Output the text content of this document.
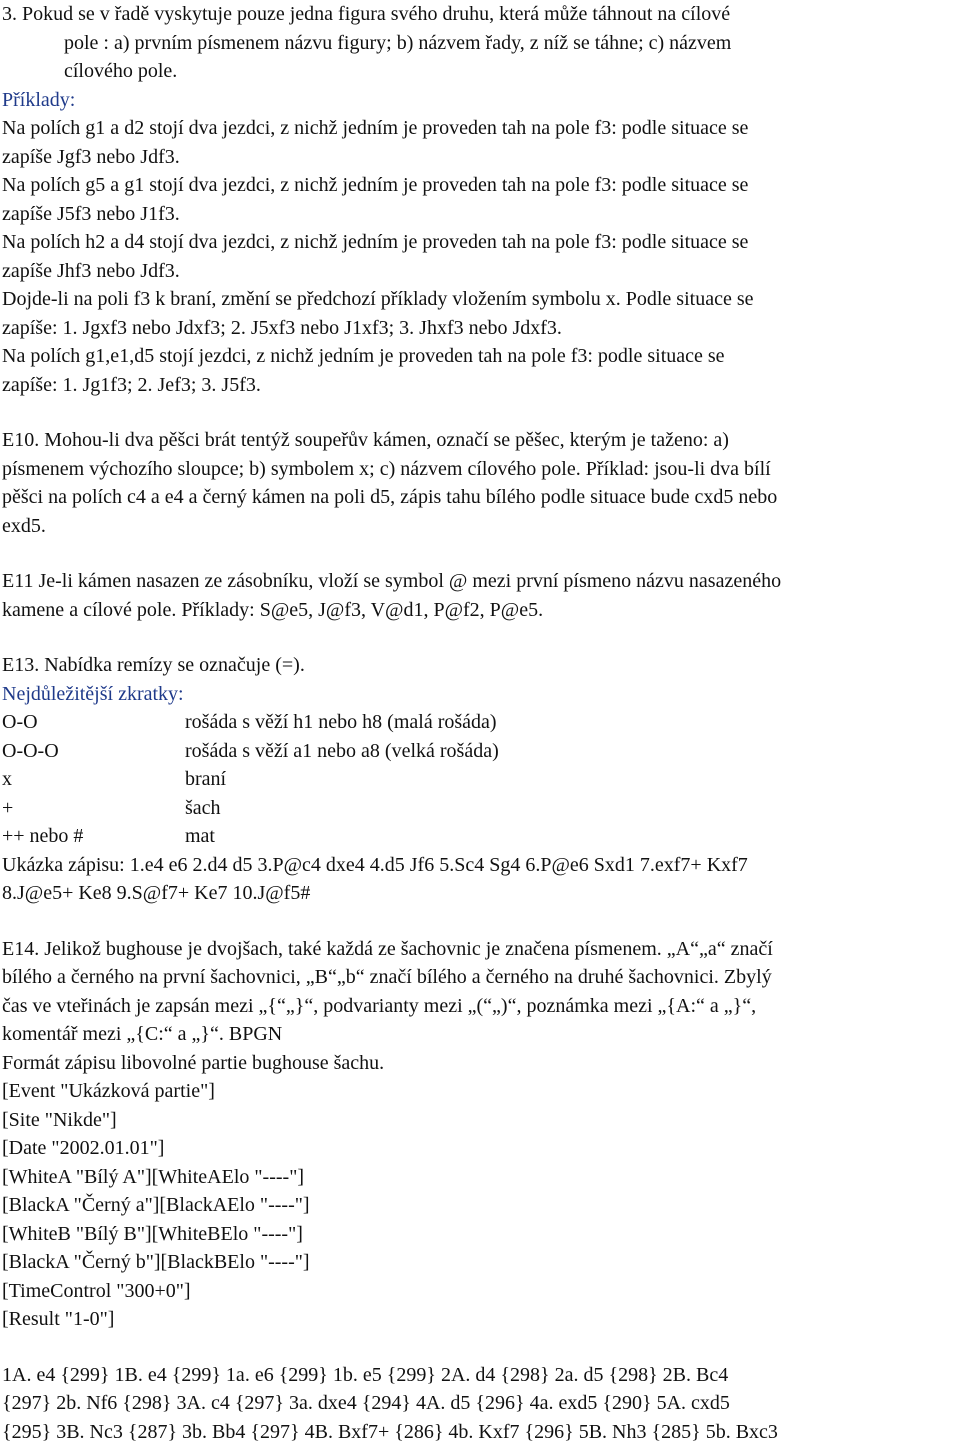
3. Pokud se v řadě vyskytuje pouze jedna figura svého druhu, která může táhnout na cílové
pole : a) prvním písmenem názvu figury; b) názvem řady, z níž se táhne; c) názvem
cílového pole.
Příklady:
Na polích g1 a d2 stojí dva jezdci, z nichž jedním je proveden tah na pole f3: podle situace se
zapíše Jgf3 nebo Jdf3.
Na polích g5 a g1 stojí dva jezdci, z nichž jedním je proveden tah na pole f3: podle situace se
zapíše J5f3 nebo J1f3.
Na polích h2 a d4 stojí dva jezdci, z nichž jedním je proveden tah na pole f3: podle situace se
zapíše Jhf3 nebo Jdf3.
Dojde-li na poli f3 k braní, změní se předchozí příklady vložením symbolu x. Podle situace se
zapíše: 1. Jgxf3 nebo Jdxf3; 2. J5xf3 nebo J1xf3; 3. Jhxf3 nebo Jdxf3.
Na polích g1,e1,d5 stojí jezdci, z nichž jedním je proveden tah na pole f3: podle situace se
zapíše: 1. Jg1f3; 2. Jef3; 3. J5f3.
E10. Mohou-li dva pěšci brát tentýž soupeřův kámen, označí se pěšec, kterým je taženo: a)
písmenem výchozího sloupce; b) symbolem x; c) názvem cílového pole. Příklad: jsou-li dva bílí
pěšci na polích c4 a e4 a černý kámen na poli d5, zápis tahu bílého podle situace bude cxd5 nebo
exd5.
E11 Je-li kámen nasazen ze zásobníku, vloží se symbol @ mezi první písmeno názvu nasazeného
kamene a cílové pole. Příklady: S@e5, J@f3, V@d1, P@f2, P@e5.
E13. Nabídka remízy se označuje (=).
Nejdůležitější zkratky:
O-O	rošáda s věží h1 nebo h8 (malá rošáda)
O-O-O	rošáda s věží a1 nebo a8 (velká rošáda)
x	braní
+	šach
++ nebo #	mat
Ukázka zápisu: 1.e4 e6 2.d4 d5 3.P@c4 dxe4 4.d5 Jf6 5.Sc4 Sg4 6.P@e6 Sxd1 7.exf7+ Kxf7
8.J@e5+ Ke8 9.S@f7+ Ke7 10.J@f5#
E14. Jelikož bughouse je dvojšach, také každá ze šachovnic je značena písmenem. „A“„a“ značí
bílého a černého na první šachovnici, „B“„b“ značí bílého a černého na druhé šachovnici. Zbylý
čas ve vteřinách je zapsán mezi „{“„}“, podvarianty mezi „(“„)“, poznámka mezi „{A:“ a „}“,
komentář mezi „{C:“ a „}“. BPGN
Formát zápisu libovolné partie bughouse šachu.
[Event "Ukázková partie"]
[Site "Nikde"]
[Date "2002.01.01"]
[WhiteA "Bílý A"][WhiteAElo "----"]
[BlackA "Černý a"][BlackAElo "----"]
[WhiteB "Bílý B"][WhiteBElo "----"]
[BlackA "Černý b"][BlackBElo "----"]
[TimeControl "300+0"]
[Result "1-0"]
1A. e4 {299} 1B. e4 {299} 1a. e6 {299} 1b. e5 {299} 2A. d4 {298} 2a. d5 {298} 2B. Bc4
{297} 2b. Nf6 {298} 3A. c4 {297} 3a. dxe4 {294} 4A. d5 {296} 4a. exd5 {290} 5A. cxd5
{295} 3B. Nc3 {287} 3b. Bb4 {297} 4B. Bxf7+ {286} 4b. Kxf7 {296} 5B. Nh3 {285} 5b. Bxc3
